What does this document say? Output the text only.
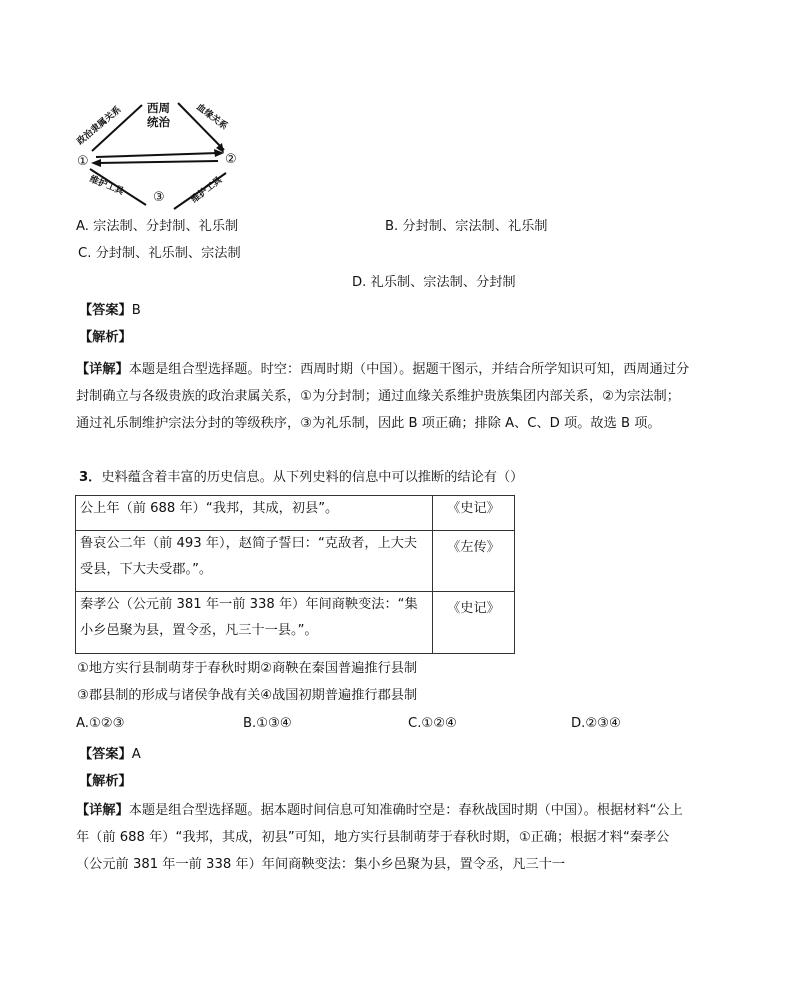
西周
统治
政治隶属关系	血缘关系
维护工具	维护工具
①	②
③
A. 宗法制、分封制、礼乐制	B. 分封制、宗法制、礼乐制
C. 分封制、礼乐制、宗法制
D. 礼乐制、宗法制、分封制
【答案】B
【解析】
【详解】本题是组合型选择题。时空：西周时期（中国）。据题干图示，并结合所学知识可知，西周通过分封制确立与各级贵族的政治隶属关系，①为分封制；通过血缘关系维护贵族集团内部关系，②为宗法制；通过礼乐制维护宗法分封的等级秩序，③为礼乐制，因此 B 项正确；排除 A、C、D 项。故选 B 项。
3．史料蕴含着丰富的历史信息。从下列史料的信息中可以推断的结论有（）
公上年（前 688 年）“我邦，其成，初县”。	《史记》
鲁哀公二年（前 493 年），赵简子誓曰：“克敌者，上大夫受县，下大夫受郡。”。	《左传》
秦孝公（公元前 381 年一前 338 年）年间商鞅变法：“集小乡邑聚为县，置令丞，凡三十一县。”。	《史记》
①地方实行县制萌芽于春秋时期②商鞅在秦国普遍推行县制
③郡县制的形成与诸侯争战有关④战国初期普遍推行郡县制
A.①②③	B.①③④	C.①②④	D.②③④
【答案】A
【解析】
【详解】本题是组合型选择题。据本题时间信息可知准确时空是：春秋战国时期（中国）。根据材料“公上年（前 688 年）“我邦，其成，初县”可知，地方实行县制萌芽于春秋时期，①正确；根据才料“秦孝公（公元前 381 年一前 338 年）年间商鞅变法：集小乡邑聚为县，置令丞，凡三十一
